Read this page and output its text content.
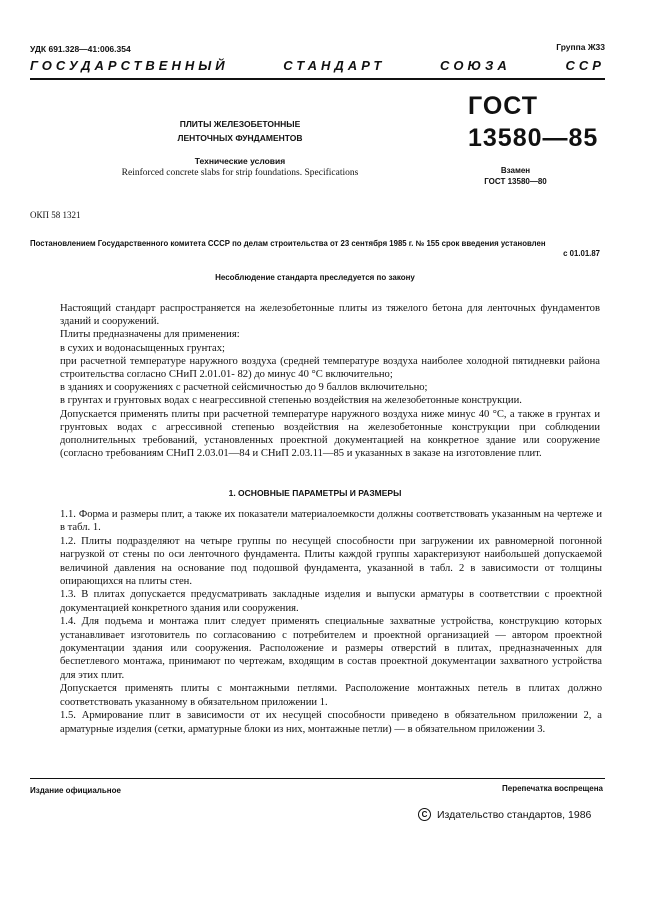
УДК 691.328—41:006.354	Группа Ж33
ГОСУДАРСТВЕННЫЙ	СТАНДАРТ	СОЮЗА	ССР
ПЛИТЫ ЖЕЛЕЗОБЕТОННЫЕ
ЛЕНТОЧНЫХ ФУНДАМЕНТОВ
Технические условия
Reinforced concrete slabs for strip foundations. Specifications
ГОСТ
13580—85
Взамен
ГОСТ 13580—80
ОКП 58 1321
Постановлением Государственного комитета СССР по делам строительства от 23 сентября 1985 г. № 155 срок введения установлен
с 01.01.87
Несоблюдение стандарта преследуется по закону

Настоящий стандарт распространяется на железобетонные плиты из тяжелого бетона для ленточных фундаментов зданий и сооружений.

Плиты предназначены для применения:

в сухих и водонасыщенных грунтах;

при расчетной температуре наружного воздуха (средней температуре воздуха наиболее холодной пятидневки района строительства согласно СНиП 2.01.01- 82) до минус 40 °С включительно;

в зданиях и сооружениях с расчетной сейсмичностью до 9 баллов включительно;

в грунтах и грунтовых водах с неагрессивной степенью воздействия на железобетонные конструкции.

Допускается применять плиты при расчетной температуре наружного воздуха ниже минус 40 °С, а также в грунтах и грунтовых водах с агрессивной степенью воздействия на железобетонные конструкции при соблюдении дополнительных требований, установленных проектной документацией на конкретное здание или сооружение (согласно требованиям СНиП 2.03.01—84 и СНиП 2.03.11—85 и указанных в заказе на изготовление плит.

1. ОСНОВНЫЕ ПАРАМЕТРЫ И РАЗМЕРЫ

1.1. Форма и размеры плит, а также их показатели материалоемкости должны соответствовать указанным на чертеже и в табл. 1.

1.2. Плиты подразделяют на четыре группы по несущей способности при загружении их равномерной погонной нагрузкой от стены по оси ленточного фундамента. Плиты каждой группы характеризуют наибольшей допускаемой величиной давления на основание под подошвой фундамента, указанной в табл. 2 в зависимости от толщины опирающихся на плиты стен.

1.3. В плитах допускается предусматривать закладные изделия и выпуски арматуры в соответствии с проектной документацией конкретного здания или сооружения.

1.4. Для подъема и монтажа плит следует применять специальные захватные устройства, конструкцию которых устанавливает изготовитель по согласованию с потребителем и проектной организацией — автором проектной документации здания или сооружения. Расположение и размеры отверстий в плитах, предназначенных для беспетлевого монтажа, принимают по чертежам, входящим в состав проектной документации захватного устройства для этих плит.

Допускается применять плиты с монтажными петлями. Расположение монтажных петель в плитах должно соответствовать указанному в обязательном приложении 1.

1.5. Армирование плит в зависимости от их несущей способности приведено в обязательном приложении 2, а арматурные изделия (сетки, арматурные блоки из них, монтажные петли) — в обязательном приложении 3.

Издание официальное	Перепечатка воспрещена
С Издательство стандартов, 1986
